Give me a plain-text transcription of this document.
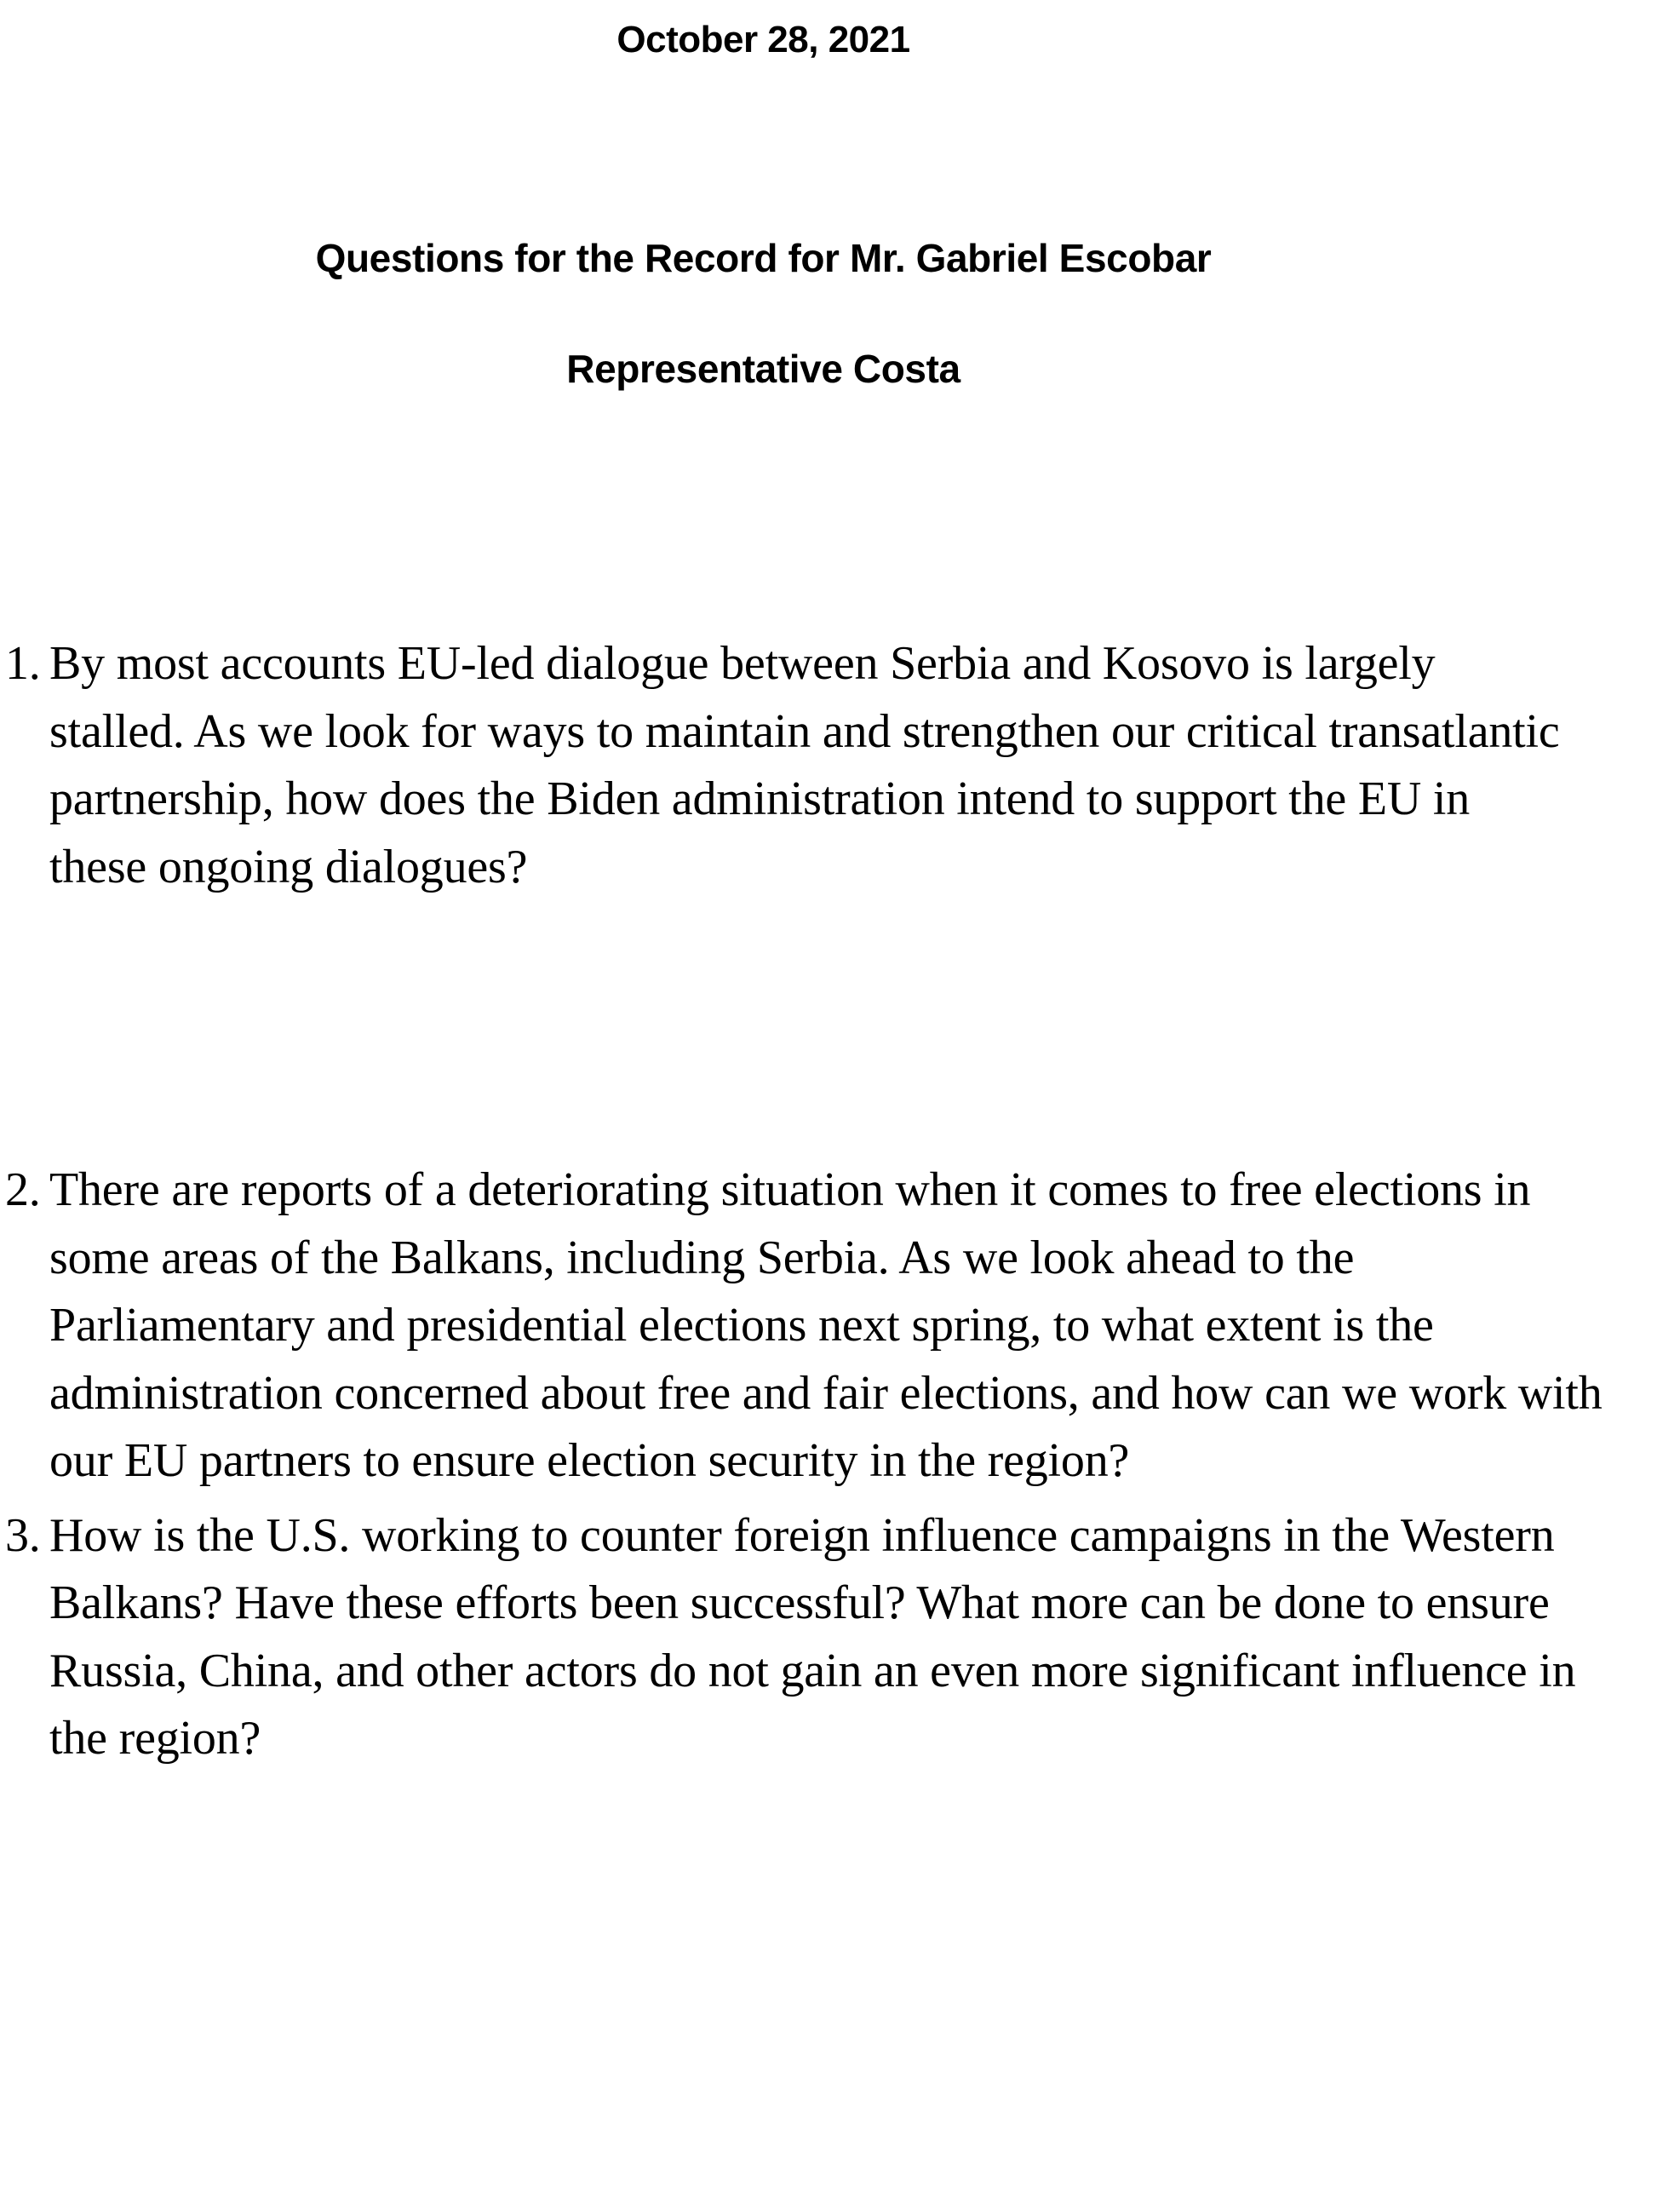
October 28, 2021
Questions for the Record for Mr. Gabriel Escobar
Representative Costa
1. By most accounts EU-led dialogue between Serbia and Kosovo is largely stalled. As we look for ways to maintain and strengthen our critical transatlantic partnership, how does the Biden administration intend to support the EU in these ongoing dialogues?
2. There are reports of a deteriorating situation when it comes to free elections in some areas of the Balkans, including Serbia. As we look ahead to the Parliamentary and presidential elections next spring, to what extent is the administration concerned about free and fair elections, and how can we work with our EU partners to ensure election security in the region?
3. How is the U.S. working to counter foreign influence campaigns in the Western Balkans? Have these efforts been successful? What more can be done to ensure Russia, China, and other actors do not gain an even more significant influence in the region?
